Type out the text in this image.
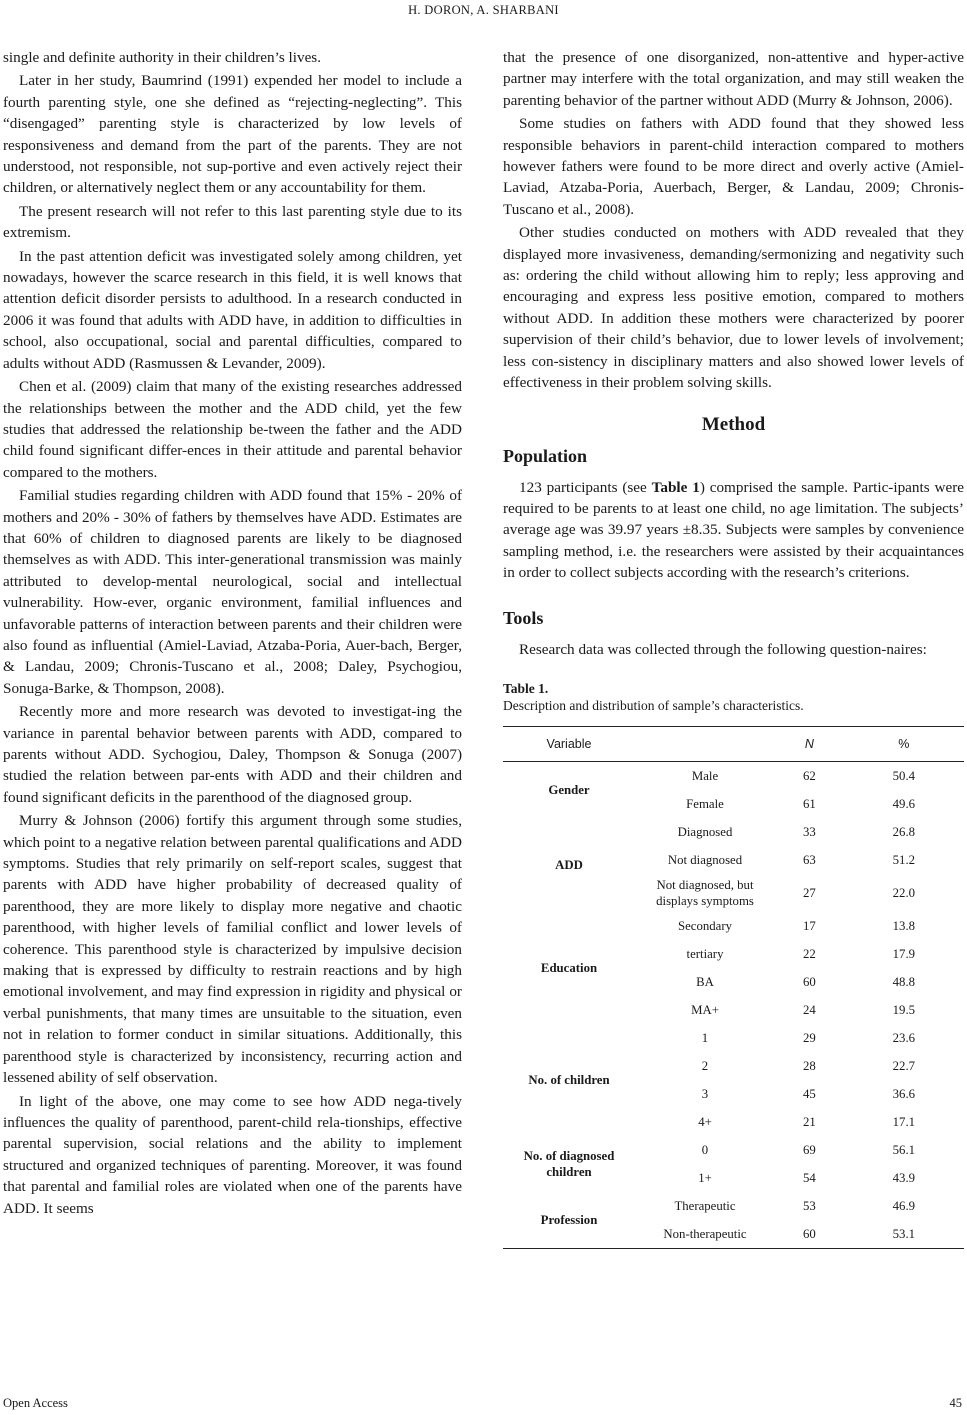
H. DORON, A. SHARBANI

single and definite authority in their children’s lives.

Later in her study, Baumrind (1991) expended her model to include a fourth parenting style, one she defined as “rejecting-neglecting”. This “disengaged” parenting style is characterized by low levels of responsiveness and demand from the part of the parents. They are not understood, not responsible, not sup-portive and even actively reject their children, or alternatively neglect them or any accountability for them.

The present research will not refer to this last parenting style due to its extremism.

In the past attention deficit was investigated solely among children, yet nowadays, however the scarce research in this field, it is well knows that attention deficit disorder persists to adulthood. In a research conducted in 2006 it was found that adults with ADD have, in addition to difficulties in school, also occupational, social and parental difficulties, compared to adults without ADD (Rasmussen & Levander, 2009).

Chen et al. (2009) claim that many of the existing researches addressed the relationships between the mother and the ADD child, yet the few studies that addressed the relationship be-tween the father and the ADD child found significant differ-ences in their attitude and parental behavior compared to the mothers.

Familial studies regarding children with ADD found that 15% - 20% of mothers and 20% - 30% of fathers by themselves have ADD. Estimates are that 60% of children to diagnosed parents are likely to be diagnosed themselves as with ADD. This inter-generational transmission was mainly attributed to develop-mental neurological, social and intellectual vulnerability. How-ever, organic environment, familial influences and unfavorable patterns of interaction between parents and their children were also found as influential (Amiel-Laviad, Atzaba-Poria, Auer-bach, Berger, & Landau, 2009; Chronis-Tuscano et al., 2008; Daley, Psychogiou, Sonuga-Barke, & Thompson, 2008).

Recently more and more research was devoted to investigat-ing the variance in parental behavior between parents with ADD, compared to parents without ADD. Sychogiou, Daley, Thompson & Sonuga (2007) studied the relation between par-ents with ADD and their children and found significant deficits in the parenthood of the diagnosed group.

Murry & Johnson (2006) fortify this argument through some studies, which point to a negative relation between parental qualifications and ADD symptoms. Studies that rely primarily on self-report scales, suggest that parents with ADD have higher probability of decreased quality of parenthood, they are more likely to display more negative and chaotic parenthood, with higher levels of familial conflict and lower levels of coherence. This parenthood style is characterized by impulsive decision making that is expressed by difficulty to restrain reactions and by high emotional involvement, and may find expression in rigidity and physical or verbal punishments, that many times are unsuitable to the situation, even not in relation to former conduct in similar situations. Additionally, this parenthood style is characterized by inconsistency, recurring action and lessened ability of self observation.

In light of the above, one may come to see how ADD nega-tively influences the quality of parenthood, parent-child rela-tionships, effective parental supervision, social relations and the ability to implement structured and organized techniques of parenting. Moreover, it was found that parental and familial roles are violated when one of the parents have ADD. It seems

that the presence of one disorganized, non-attentive and hyper-active partner may interfere with the total organization, and may still weaken the parenting behavior of the partner without ADD (Murry & Johnson, 2006).

Some studies on fathers with ADD found that they showed less responsible behaviors in parent-child interaction compared to mothers however fathers were found to be more direct and overly active (Amiel-Laviad, Atzaba-Poria, Auerbach, Berger, & Landau, 2009; Chronis-Tuscano et al., 2008).

Other studies conducted on mothers with ADD revealed that they displayed more invasiveness, demanding/sermonizing and negativity such as: ordering the child without allowing him to reply; less approving and encouraging and express less positive emotion, compared to mothers without ADD. In addition these mothers were characterized by poorer supervision of their child’s behavior, due to lower levels of involvement; less con-sistency in disciplinary matters and also showed lower levels of effectiveness in their problem solving skills.

Method
Population

123 participants (see Table 1) comprised the sample. Partic-ipants were required to be parents to at least one child, no age limitation. The subjects’ average age was 39.97 years ±8.35. Subjects were samples by convenience sampling method, i.e. the researchers were assisted by their acquaintances in order to collect subjects according with the research’s criterions.

Tools

Research data was collected through the following question-naires:

Table 1.
Description and distribution of sample’s characteristics.
Variable		N	%
Gender	Male	62	50.4
	Female	61	49.6
ADD	Diagnosed	33	26.8
	Not diagnosed	63	51.2
	Not diagnosed, but displays symptoms	27	22.0
Education	Secondary	17	13.8
	tertiary	22	17.9
	BA	60	48.8
	MA+	24	19.5
No. of children	1	29	23.6
	2	28	22.7
	3	45	36.6
	4+	21	17.1
No. of diagnosed children	0	69	56.1
	1+	54	43.9
Profession	Therapeutic	53	46.9
	Non-therapeutic	60	53.1
Open Access	45
